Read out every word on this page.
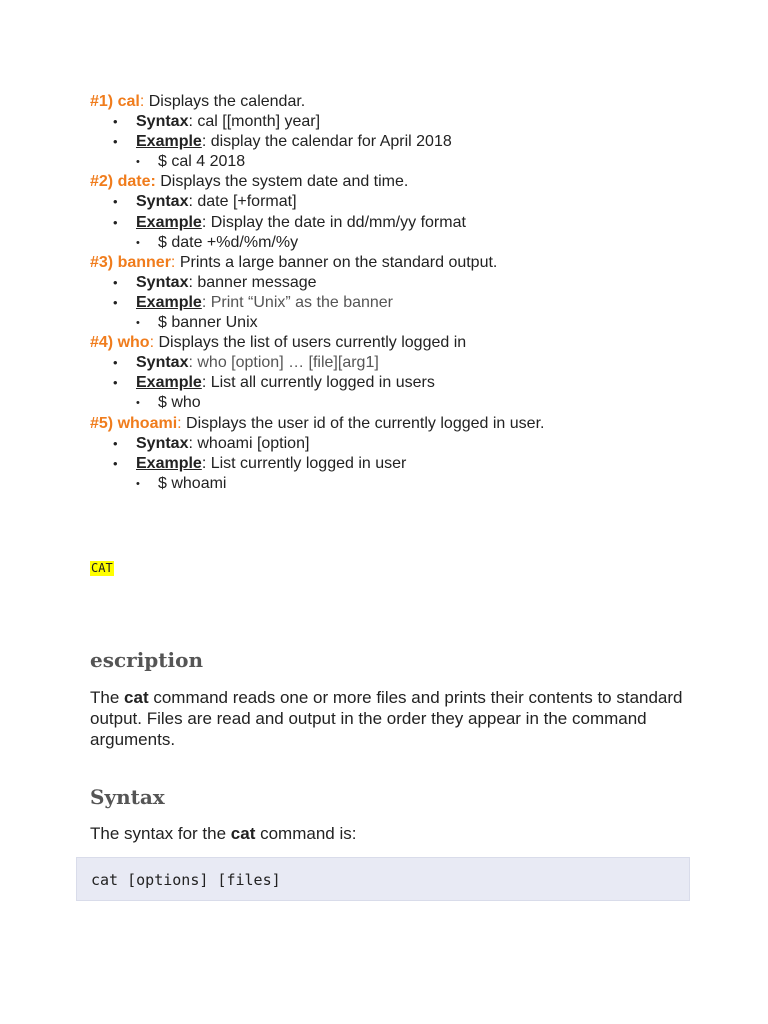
#1) cal: Displays the calendar.

• Syntax: cal [[month] year]
• Example: display the calendar for April 2018
• $ cal 4 2018

#2) date: Displays the system date and time.

• Syntax: date [+format]
• Example: Display the date in dd/mm/yy format
• $ date +%d/%m/%y

#3) banner: Prints a large banner on the standard output.

• Syntax: banner message
• Example: Print “Unix” as the banner
• $ banner Unix

#4) who: Displays the list of users currently logged in

• Syntax: who [option] … [file][arg1]
• Example: List all currently logged in users
• $ who

#5) whoami: Displays the user id of the currently logged in user.

• Syntax: whoami [option]
• Example: List currently logged in user
• $ whoami
CAT
escription

The cat command reads one or more files and prints their contents to standard output. Files are read and output in the order they appear in the command arguments.

Syntax

The syntax for the cat command is:

cat [options] [files]
